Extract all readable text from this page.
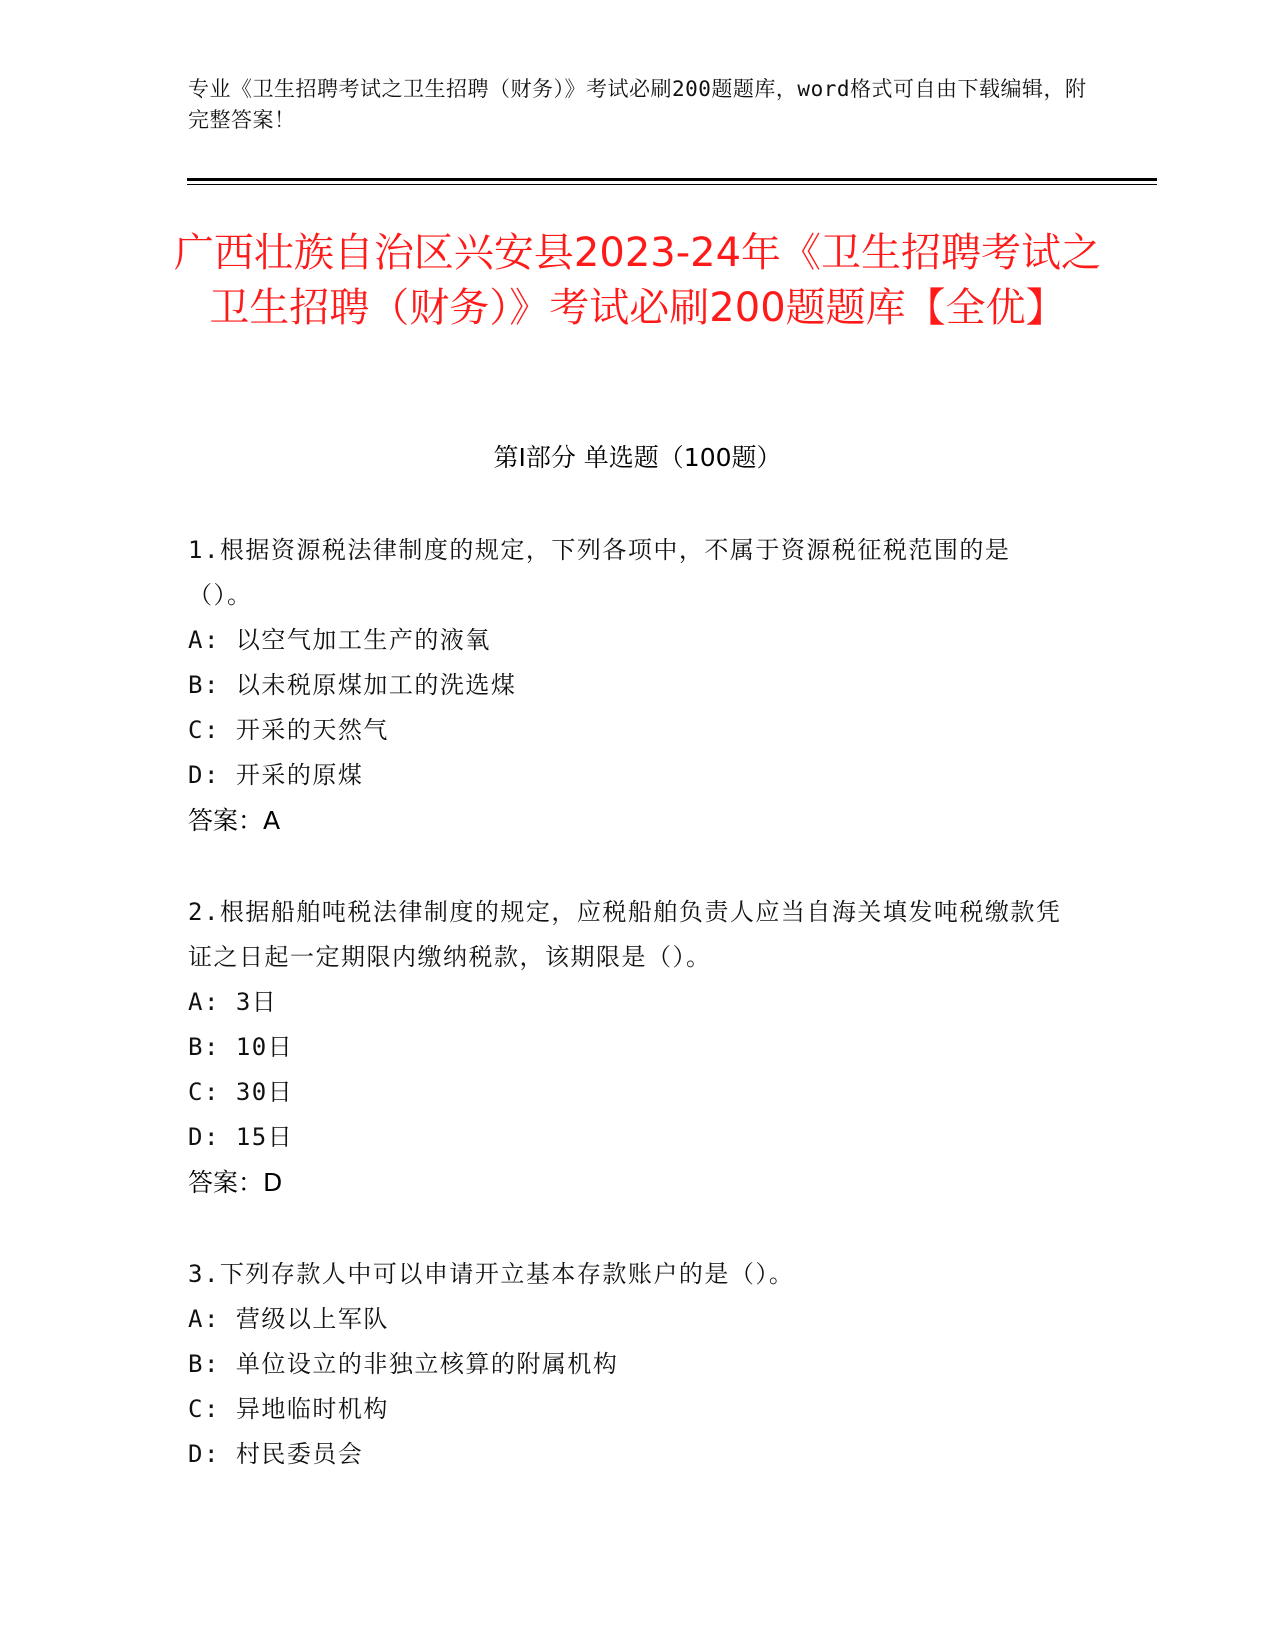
专业《卫生招聘考试之卫生招聘（财务）》考试必刷200题题库，word格式可自由下载编辑，附完整答案！
广西壮族自治区兴安县2023-24年《卫生招聘考试之卫生招聘（财务）》考试必刷200题题库【全优】
第I部分 单选题（100题）
1.根据资源税法律制度的规定，下列各项中，不属于资源税征税范围的是（）。
A: 以空气加工生产的液氧
B: 以未税原煤加工的洗选煤
C: 开采的天然气
D: 开采的原煤
答案：A
2.根据船舶吨税法律制度的规定，应税船舶负责人应当自海关填发吨税缴款凭证之日起一定期限内缴纳税款，该期限是（）。
A: 3日
B: 10日
C: 30日
D: 15日
答案：D
3.下列存款人中可以申请开立基本存款账户的是（）。
A: 营级以上军队
B: 单位设立的非独立核算的附属机构
C: 异地临时机构
D: 村民委员会
